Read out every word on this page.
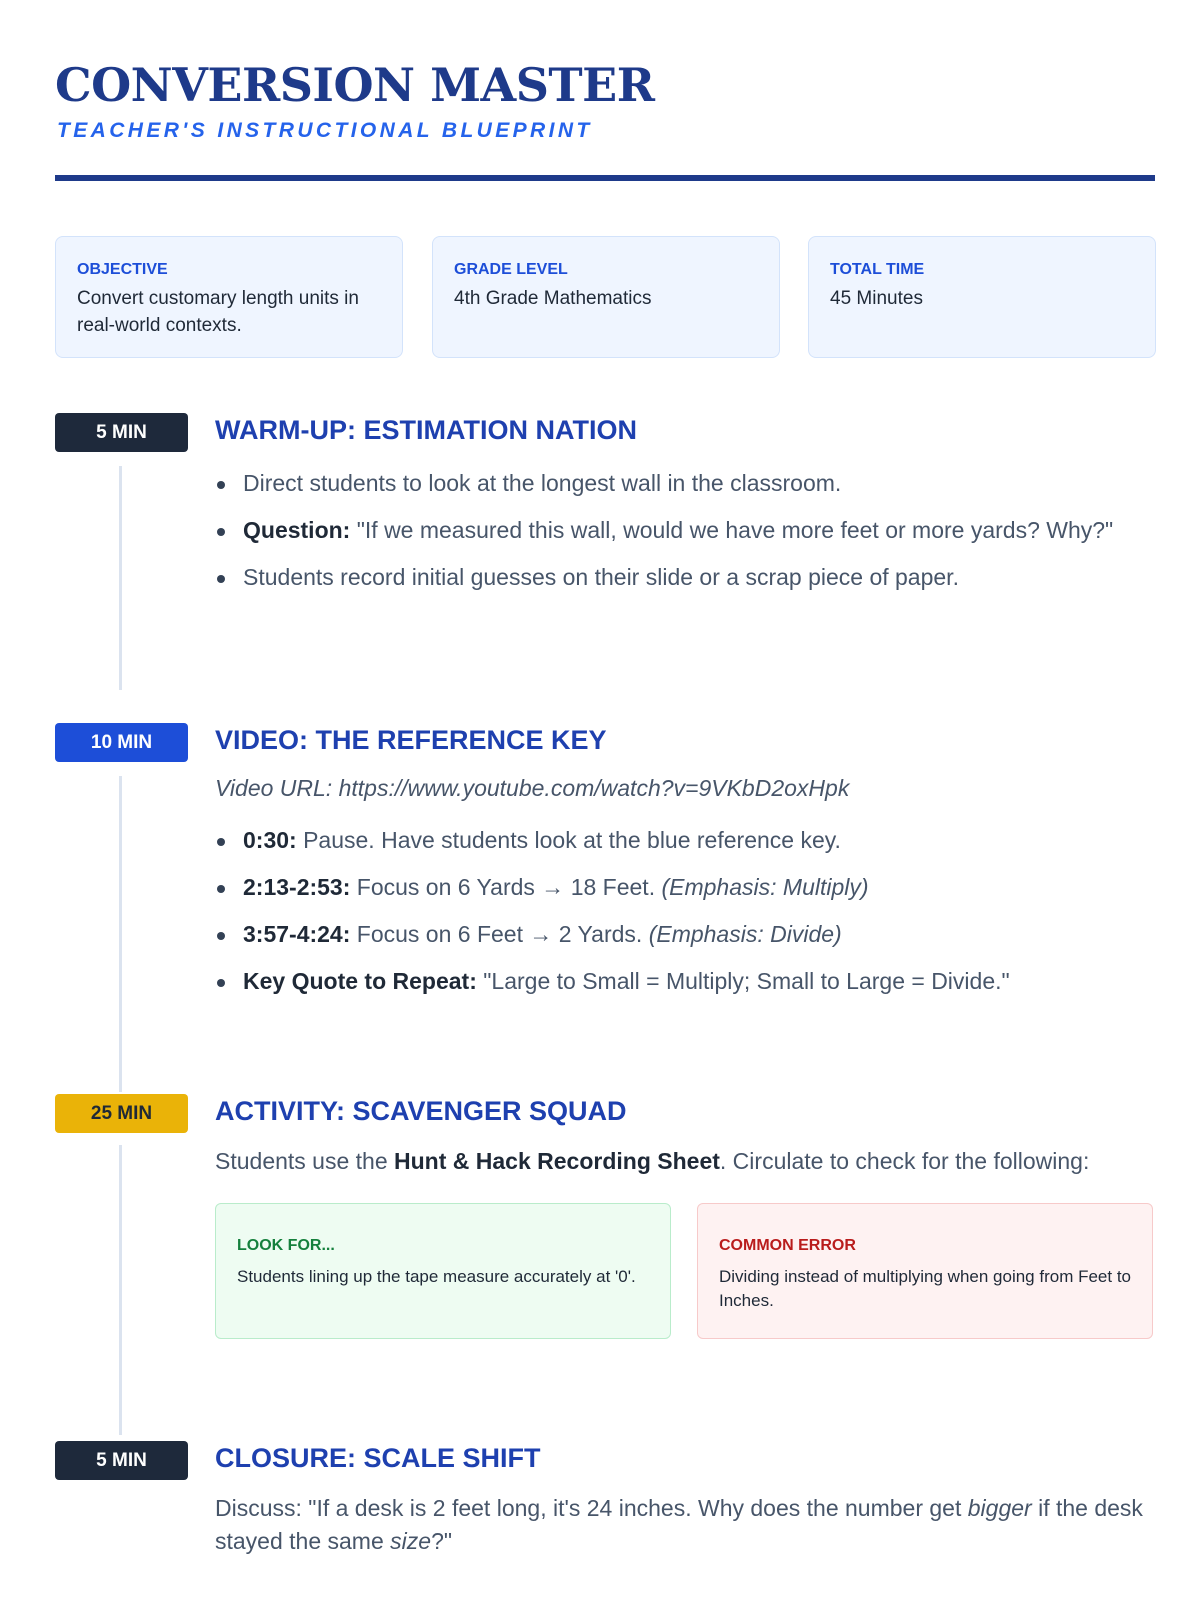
CONVERSION MASTER
TEACHER'S INSTRUCTIONAL BLUEPRINT
OBJECTIVE
Convert customary length units in real-world contexts.
GRADE LEVEL
4th Grade Mathematics
TOTAL TIME
45 Minutes
5 MIN	WARM-UP: ESTIMATION NATION
Direct students to look at the longest wall in the classroom.
Question: "If we measured this wall, would we have more feet or more yards? Why?"
Students record initial guesses on their slide or a scrap piece of paper.
10 MIN	VIDEO: THE REFERENCE KEY
Video URL: https://www.youtube.com/watch?v=9VKbD2oxHpk
0:30: Pause. Have students look at the blue reference key.
2:13-2:53: Focus on 6 Yards → 18 Feet. (Emphasis: Multiply)
3:57-4:24: Focus on 6 Feet → 2 Yards. (Emphasis: Divide)
Key Quote to Repeat: "Large to Small = Multiply; Small to Large = Divide."
25 MIN	ACTIVITY: SCAVENGER SQUAD

Students use the Hunt & Hack Recording Sheet. Circulate to check for the following:

LOOK FOR...
Students lining up the tape measure accurately at '0'.
COMMON ERROR
Dividing instead of multiplying when going from Feet to Inches.
5 MIN	CLOSURE: SCALE SHIFT

Discuss: "If a desk is 2 feet long, it's 24 inches. Why does the number get bigger if the desk stayed the same size?"
